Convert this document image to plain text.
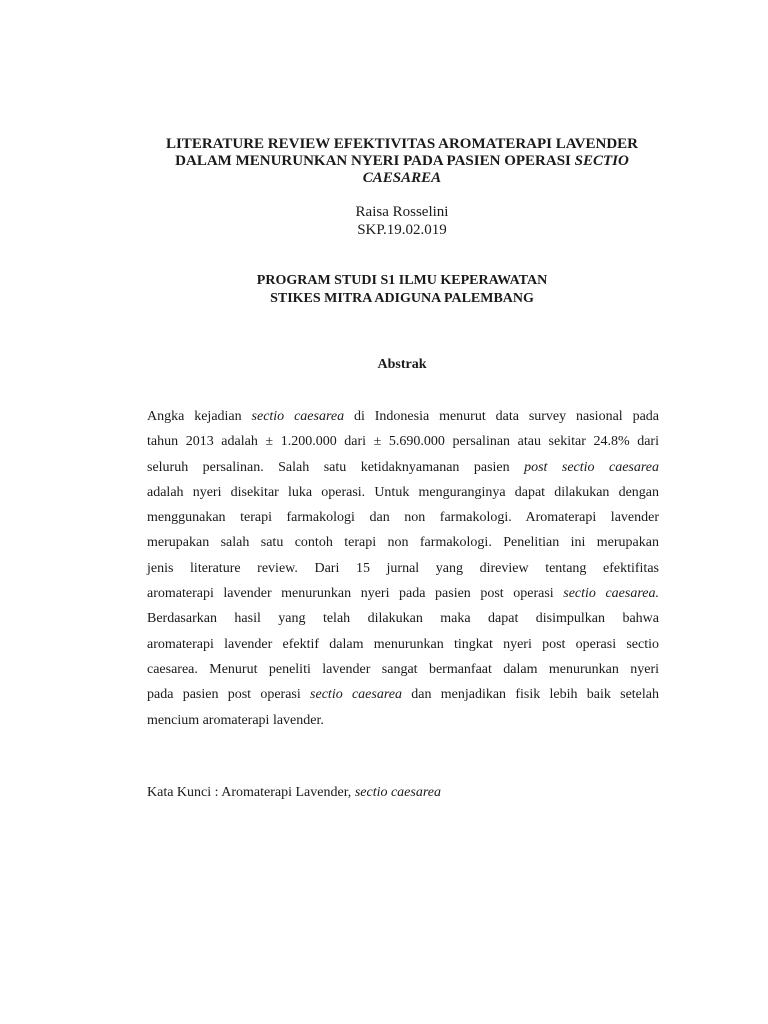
LITERATURE REVIEW EFEKTIVITAS AROMATERAPI LAVENDER
DALAM MENURUNKAN NYERI PADA PASIEN OPERASI SECTIO
CAESAREA
Raisa Rosselini
SKP.19.02.019
PROGRAM STUDI S1 ILMU KEPERAWATAN
STIKES MITRA ADIGUNA PALEMBANG
Abstrak
Angka kejadian sectio caesarea di Indonesia menurut data survey nasional pada
tahun 2013 adalah ± 1.200.000 dari ± 5.690.000 persalinan atau sekitar 24.8% dari
seluruh persalinan. Salah satu ketidaknyamanan pasien post sectio caesarea
adalah nyeri disekitar luka operasi. Untuk menguranginya dapat dilakukan dengan
menggunakan terapi farmakologi dan non farmakologi. Aromaterapi lavender
merupakan salah satu contoh terapi non farmakologi. Penelitian ini merupakan
jenis literature review. Dari 15 jurnal yang direview tentang efektifitas
aromaterapi lavender menurunkan nyeri pada pasien post operasi sectio caesarea.
Berdasarkan hasil yang telah dilakukan maka dapat disimpulkan bahwa
aromaterapi lavender efektif dalam menurunkan tingkat nyeri post operasi sectio
caesarea. Menurut peneliti lavender sangat bermanfaat dalam menurunkan nyeri
pada pasien post operasi sectio caesarea dan menjadikan fisik lebih baik setelah
mencium aromaterapi lavender.
Kata Kunci : Aromaterapi Lavender, sectio caesarea
